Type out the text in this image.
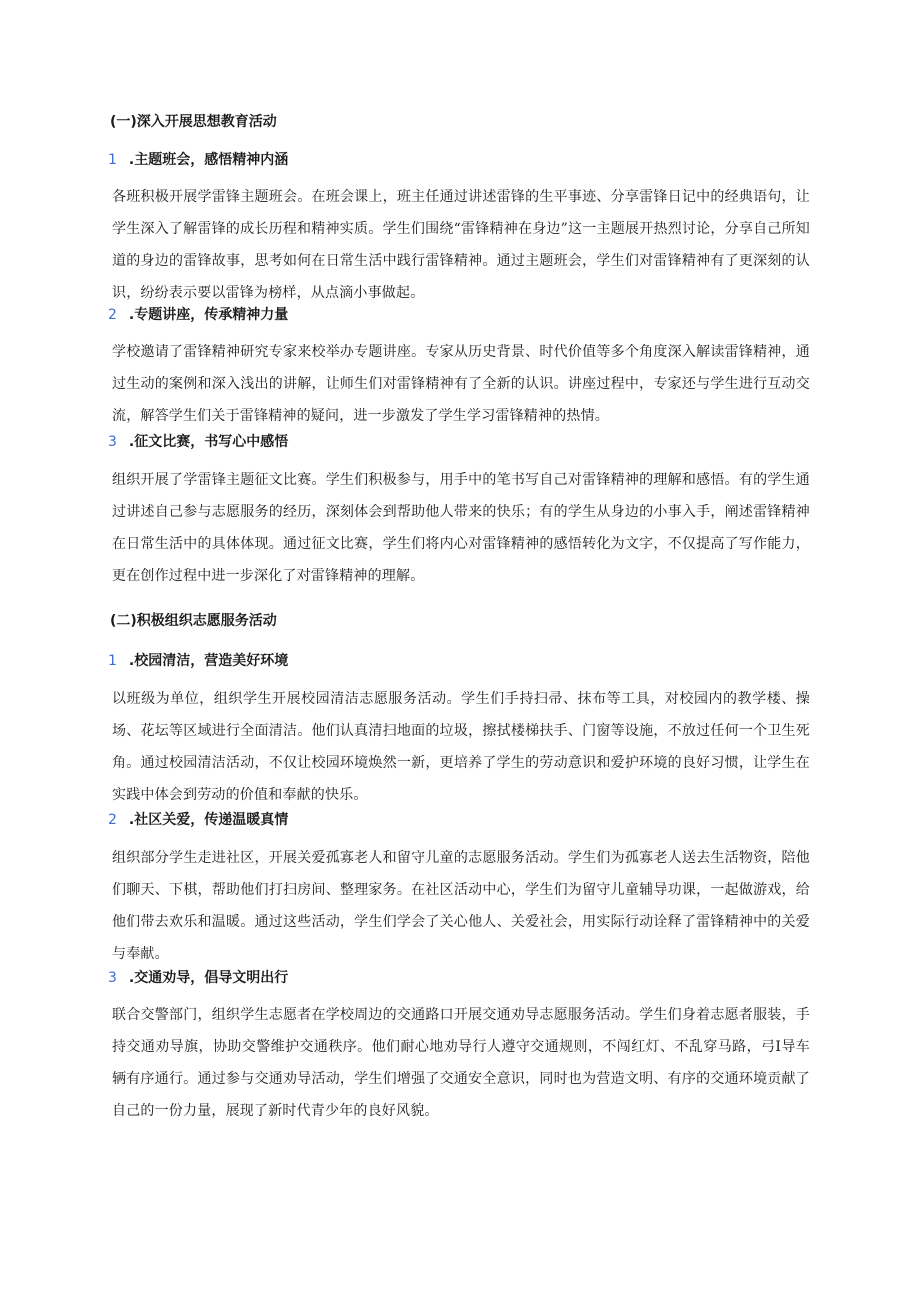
(一)深入开展思想教育活动
1 .主题班会，感悟精神内涵

各班积极开展学雷锋主题班会。在班会课上，班主任通过讲述雷锋的生平事迹、分享雷锋日记中的经典语句，让学生深入了解雷锋的成长历程和精神实质。学生们围绕“雷锋精神在身边”这一主题展开热烈讨论，分享自己所知道的身边的雷锋故事，思考如何在日常生活中践行雷锋精神。通过主题班会，学生们对雷锋精神有了更深刻的认识，纷纷表示要以雷锋为榜样，从点滴小事做起。

2 .专题讲座，传承精神力量

学校邀请了雷锋精神研究专家来校举办专题讲座。专家从历史背景、时代价值等多个角度深入解读雷锋精神，通过生动的案例和深入浅出的讲解，让师生们对雷锋精神有了全新的认识。讲座过程中，专家还与学生进行互动交流，解答学生们关于雷锋精神的疑问，进一步激发了学生学习雷锋精神的热情。

3 .征文比赛，书写心中感悟

组织开展了学雷锋主题征文比赛。学生们积极参与，用手中的笔书写自己对雷锋精神的理解和感悟。有的学生通过讲述自己参与志愿服务的经历，深刻体会到帮助他人带来的快乐；有的学生从身边的小事入手，阐述雷锋精神在日常生活中的具体体现。通过征文比赛，学生们将内心对雷锋精神的感悟转化为文字，不仅提高了写作能力，更在创作过程中进一步深化了对雷锋精神的理解。

(二)积极组织志愿服务活动
1 .校园清洁，营造美好环境

以班级为单位，组织学生开展校园清洁志愿服务活动。学生们手持扫帚、抹布等工具，对校园内的教学楼、操场、花坛等区域进行全面清洁。他们认真清扫地面的垃圾，擦拭楼梯扶手、门窗等设施，不放过任何一个卫生死角。通过校园清洁活动，不仅让校园环境焕然一新，更培养了学生的劳动意识和爱护环境的良好习惯，让学生在实践中体会到劳动的价值和奉献的快乐。

2 .社区关爱，传递温暖真情

组织部分学生走进社区，开展关爱孤寡老人和留守儿童的志愿服务活动。学生们为孤寡老人送去生活物资，陪他们聊天、下棋，帮助他们打扫房间、整理家务。在社区活动中心，学生们为留守儿童辅导功课，一起做游戏，给他们带去欢乐和温暖。通过这些活动，学生们学会了关心他人、关爱社会，用实际行动诠释了雷锋精神中的关爱与奉献。

3 .交通劝导，倡导文明出行

联合交警部门，组织学生志愿者在学校周边的交通路口开展交通劝导志愿服务活动。学生们身着志愿者服装，手持交通劝导旗，协助交警维护交通秩序。他们耐心地劝导行人遵守交通规则，不闯红灯、不乱穿马路，弓I导车辆有序通行。通过参与交通劝导活动，学生们增强了交通安全意识，同时也为营造文明、有序的交通环境贡献了自己的一份力量，展现了新时代青少年的良好风貌。
